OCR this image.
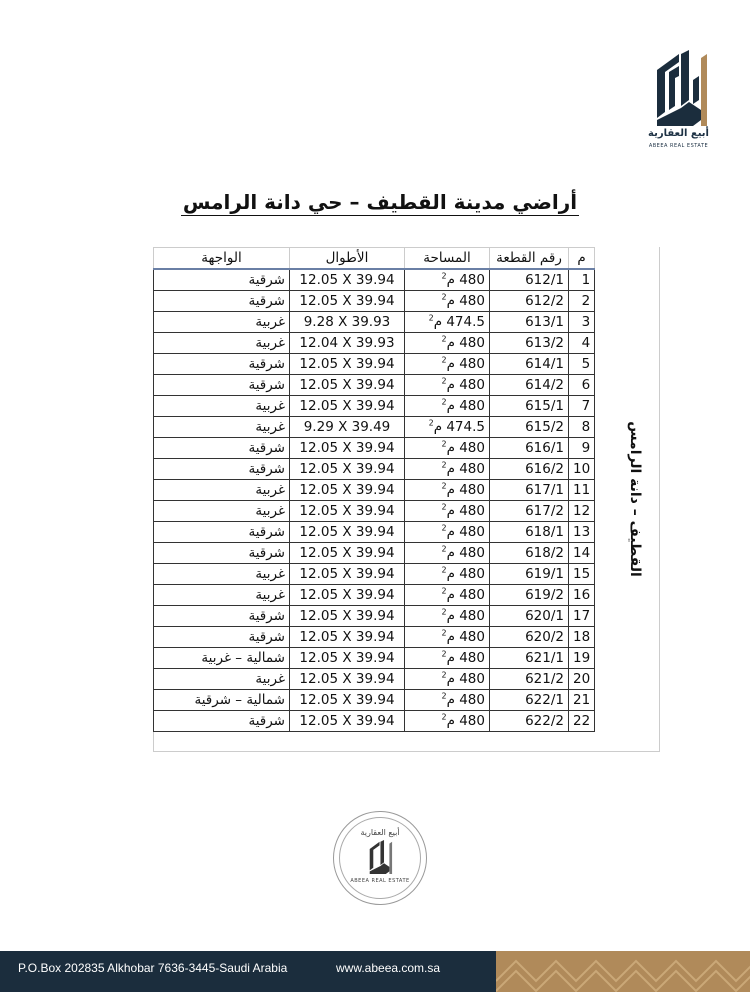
أبيع العقارية
ABEEA REAL ESTATE
أراضي مدينة القطيف – حي دانة الرامس
القطيف – دانة الرامس
م	رقم القطعة	المساحة	الأطوال	الواجهة
1	612/1	480 م$^2$	12.05 X 39.94	شرقية
2	612/2	480 م$^2$	12.05 X 39.94	شرقية
3	613/1	474.5 م$^2$	9.28 X 39.93	غربية
4	613/2	480 م$^2$	12.04 X 39.93	غربية
5	614/1	480 م$^2$	12.05 X 39.94	شرقية
6	614/2	480 م$^2$	12.05 X 39.94	شرقية
7	615/1	480 م$^2$	12.05 X 39.94	غربية
8	615/2	474.5 م$^2$	9.29 X 39.49	غربية
9	616/1	480 م$^2$	12.05 X 39.94	شرقية
10	616/2	480 م$^2$	12.05 X 39.94	شرقية
11	617/1	480 م$^2$	12.05 X 39.94	غربية
12	617/2	480 م$^2$	12.05 X 39.94	غربية
13	618/1	480 م$^2$	12.05 X 39.94	شرقية
14	618/2	480 م$^2$	12.05 X 39.94	شرقية
15	619/1	480 م$^2$	12.05 X 39.94	غربية
16	619/2	480 م$^2$	12.05 X 39.94	غربية
17	620/1	480 م$^2$	12.05 X 39.94	شرقية
18	620/2	480 م$^2$	12.05 X 39.94	شرقية
19	621/1	480 م$^2$	12.05 X 39.94	شمالية – غربية
20	621/2	480 م$^2$	12.05 X 39.94	غربية
21	622/1	480 م$^2$	12.05 X 39.94	شمالية – شرقية
22	622/2	480 م$^2$	12.05 X 39.94	شرقية
أبيع العقارية
ABEEA REAL ESTATE
P.O.Box 202835 Alkhobar 7636-3445-Saudi Arabia	www.abeea.com.sa
